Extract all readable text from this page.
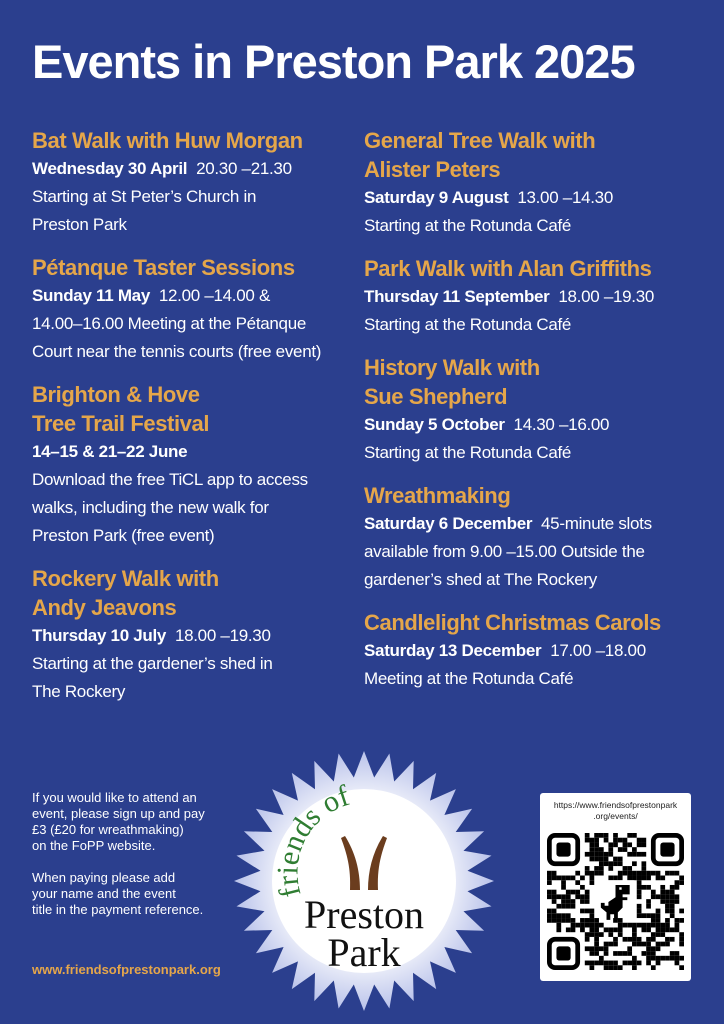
Events in Preston Park 2025
Bat Walk with Huw Morgan
Wednesday 30 April 20.30 –21.30
Starting at St Peter’s Church in
Preston Park
Pétanque Taster Sessions
Sunday 11 May 12.00 –14.00 &
14.00–16.00 Meeting at the Pétanque
Court near the tennis courts (free event)
Brighton & Hove
Tree Trail Festival
14–15 & 21–22 June
Download the free TiCL app to access
walks, including the new walk for
Preston Park (free event)
Rockery Walk with
Andy Jeavons
Thursday 10 July 18.00 –19.30
Starting at the gardener’s shed in
The Rockery
General Tree Walk with
Alister Peters
Saturday 9 August 13.00 –14.30
Starting at the Rotunda Café
Park Walk with Alan Griffiths
Thursday 11 September 18.00 –19.30
Starting at the Rotunda Café
History Walk with
Sue Shepherd
Sunday 5 October 14.30 –16.00
Starting at the Rotunda Café
Wreathmaking
Saturday 6 December 45-minute slots
available from 9.00 –15.00 Outside the
gardener’s shed at The Rockery
Candlelight Christmas Carols
Saturday 13 December 17.00 –18.00
Meeting at the Rotunda Café

If you would like to attend an
event, please sign up and pay
£3 (£20 for wreathmaking)
on the FoPP website.

When paying please add
your name and the event
title in the payment reference.

www.friendsofprestonpark.org
friends of
Preston
Park
https://www.friendsofprestonpark
.org/events/
